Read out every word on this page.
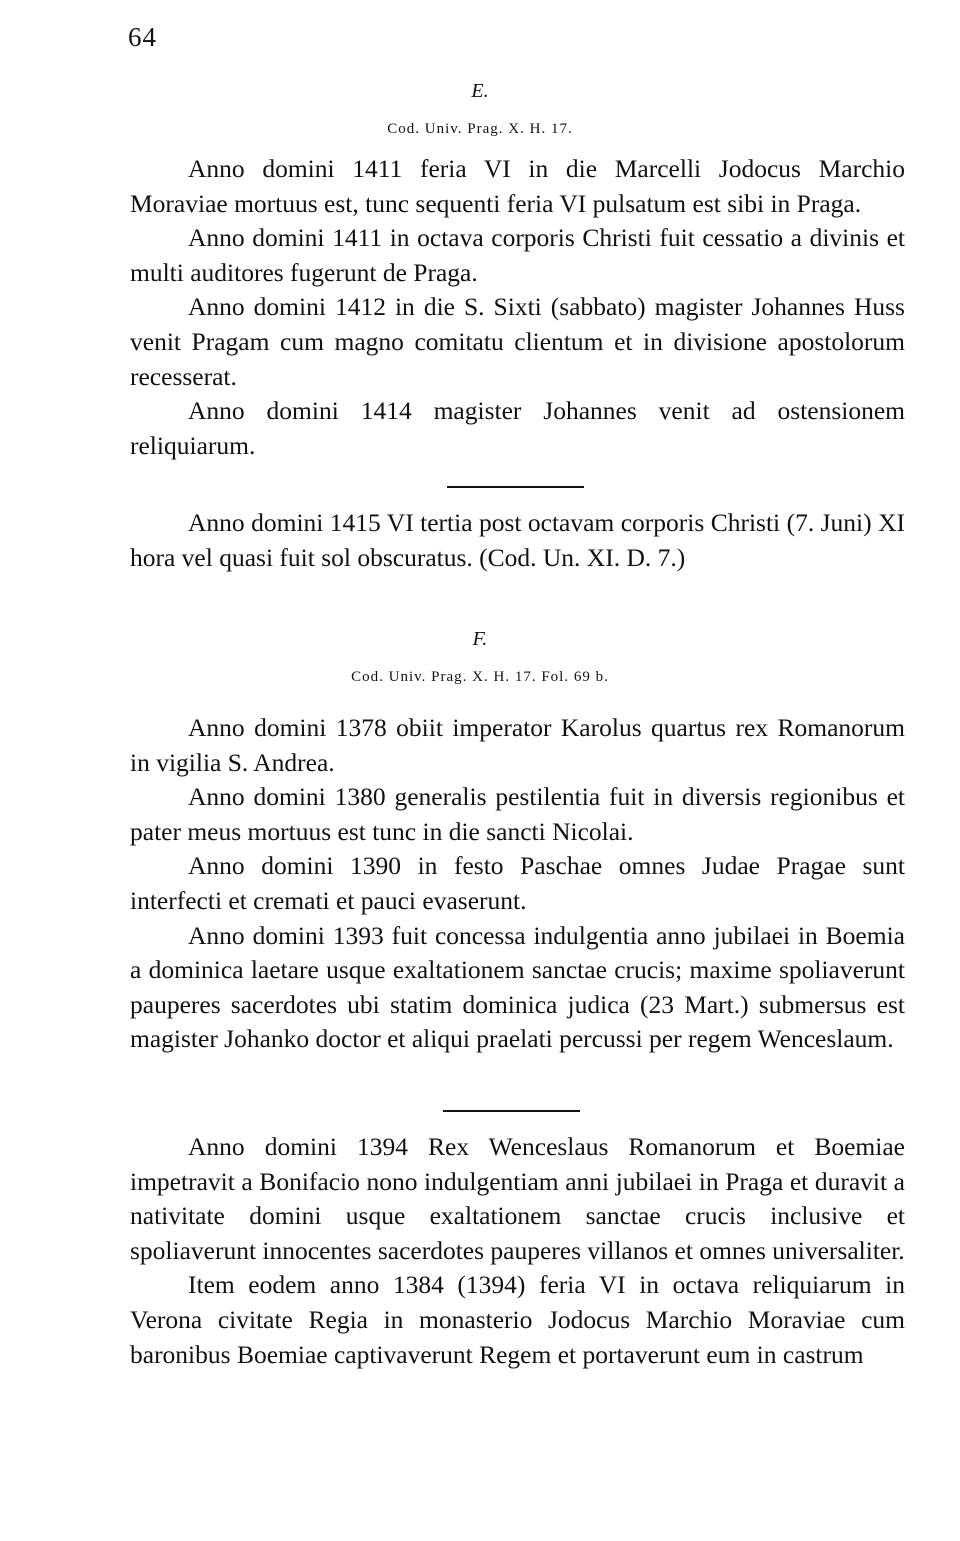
64
E.
Cod. Univ. Prag. X. H. 17.

Anno domini 1411 feria VI in die Marcelli Jodocus Marchio Moraviae mortuus est, tunc sequenti feria VI pulsatum est sibi in Praga.

Anno domini 1411 in octava corporis Christi fuit cessatio a divinis et multi auditores fugerunt de Praga.

Anno domini 1412 in die S. Sixti (sabbato) magister Johannes Huss venit Pragam cum magno comitatu clientum et in divisione apostolorum recesserat.

Anno domini 1414 magister Johannes venit ad ostensionem reliquiarum.

Anno domini 1415 VI tertia post octavam corporis Christi (7. Juni) XI hora vel quasi fuit sol obscuratus. (Cod. Un. XI. D. 7.)

F.
Cod. Univ. Prag. X. H. 17. Fol. 69 b.

Anno domini 1378 obiit imperator Karolus quartus rex Romanorum in vigilia S. Andrea.

Anno domini 1380 generalis pestilentia fuit in diversis regionibus et pater meus mortuus est tunc in die sancti Nicolai.

Anno domini 1390 in festo Paschae omnes Judae Pragae sunt interfecti et cremati et pauci evaserunt.

Anno domini 1393 fuit concessa indulgentia anno jubilaei in Boemia a dominica laetare usque exaltationem sanctae crucis; maxime spoliaverunt pauperes sacerdotes ubi statim dominica judica (23 Mart.) submersus est magister Johanko doctor et aliqui praelati percussi per regem Wenceslaum.

Anno domini 1394 Rex Wenceslaus Romanorum et Boemiae impetravit a Bonifacio nono indulgentiam anni jubilaei in Praga et duravit a nativitate domini usque exaltationem sanctae crucis inclusive et spoliaverunt innocentes sacerdotes pauperes villanos et omnes universaliter.

Item eodem anno 1384 (1394) feria VI in octava reliquiarum in Verona civitate Regia in monasterio Jodocus Marchio Moraviae cum baronibus Boemiae captivaverunt Regem et portaverunt eum in castrum
